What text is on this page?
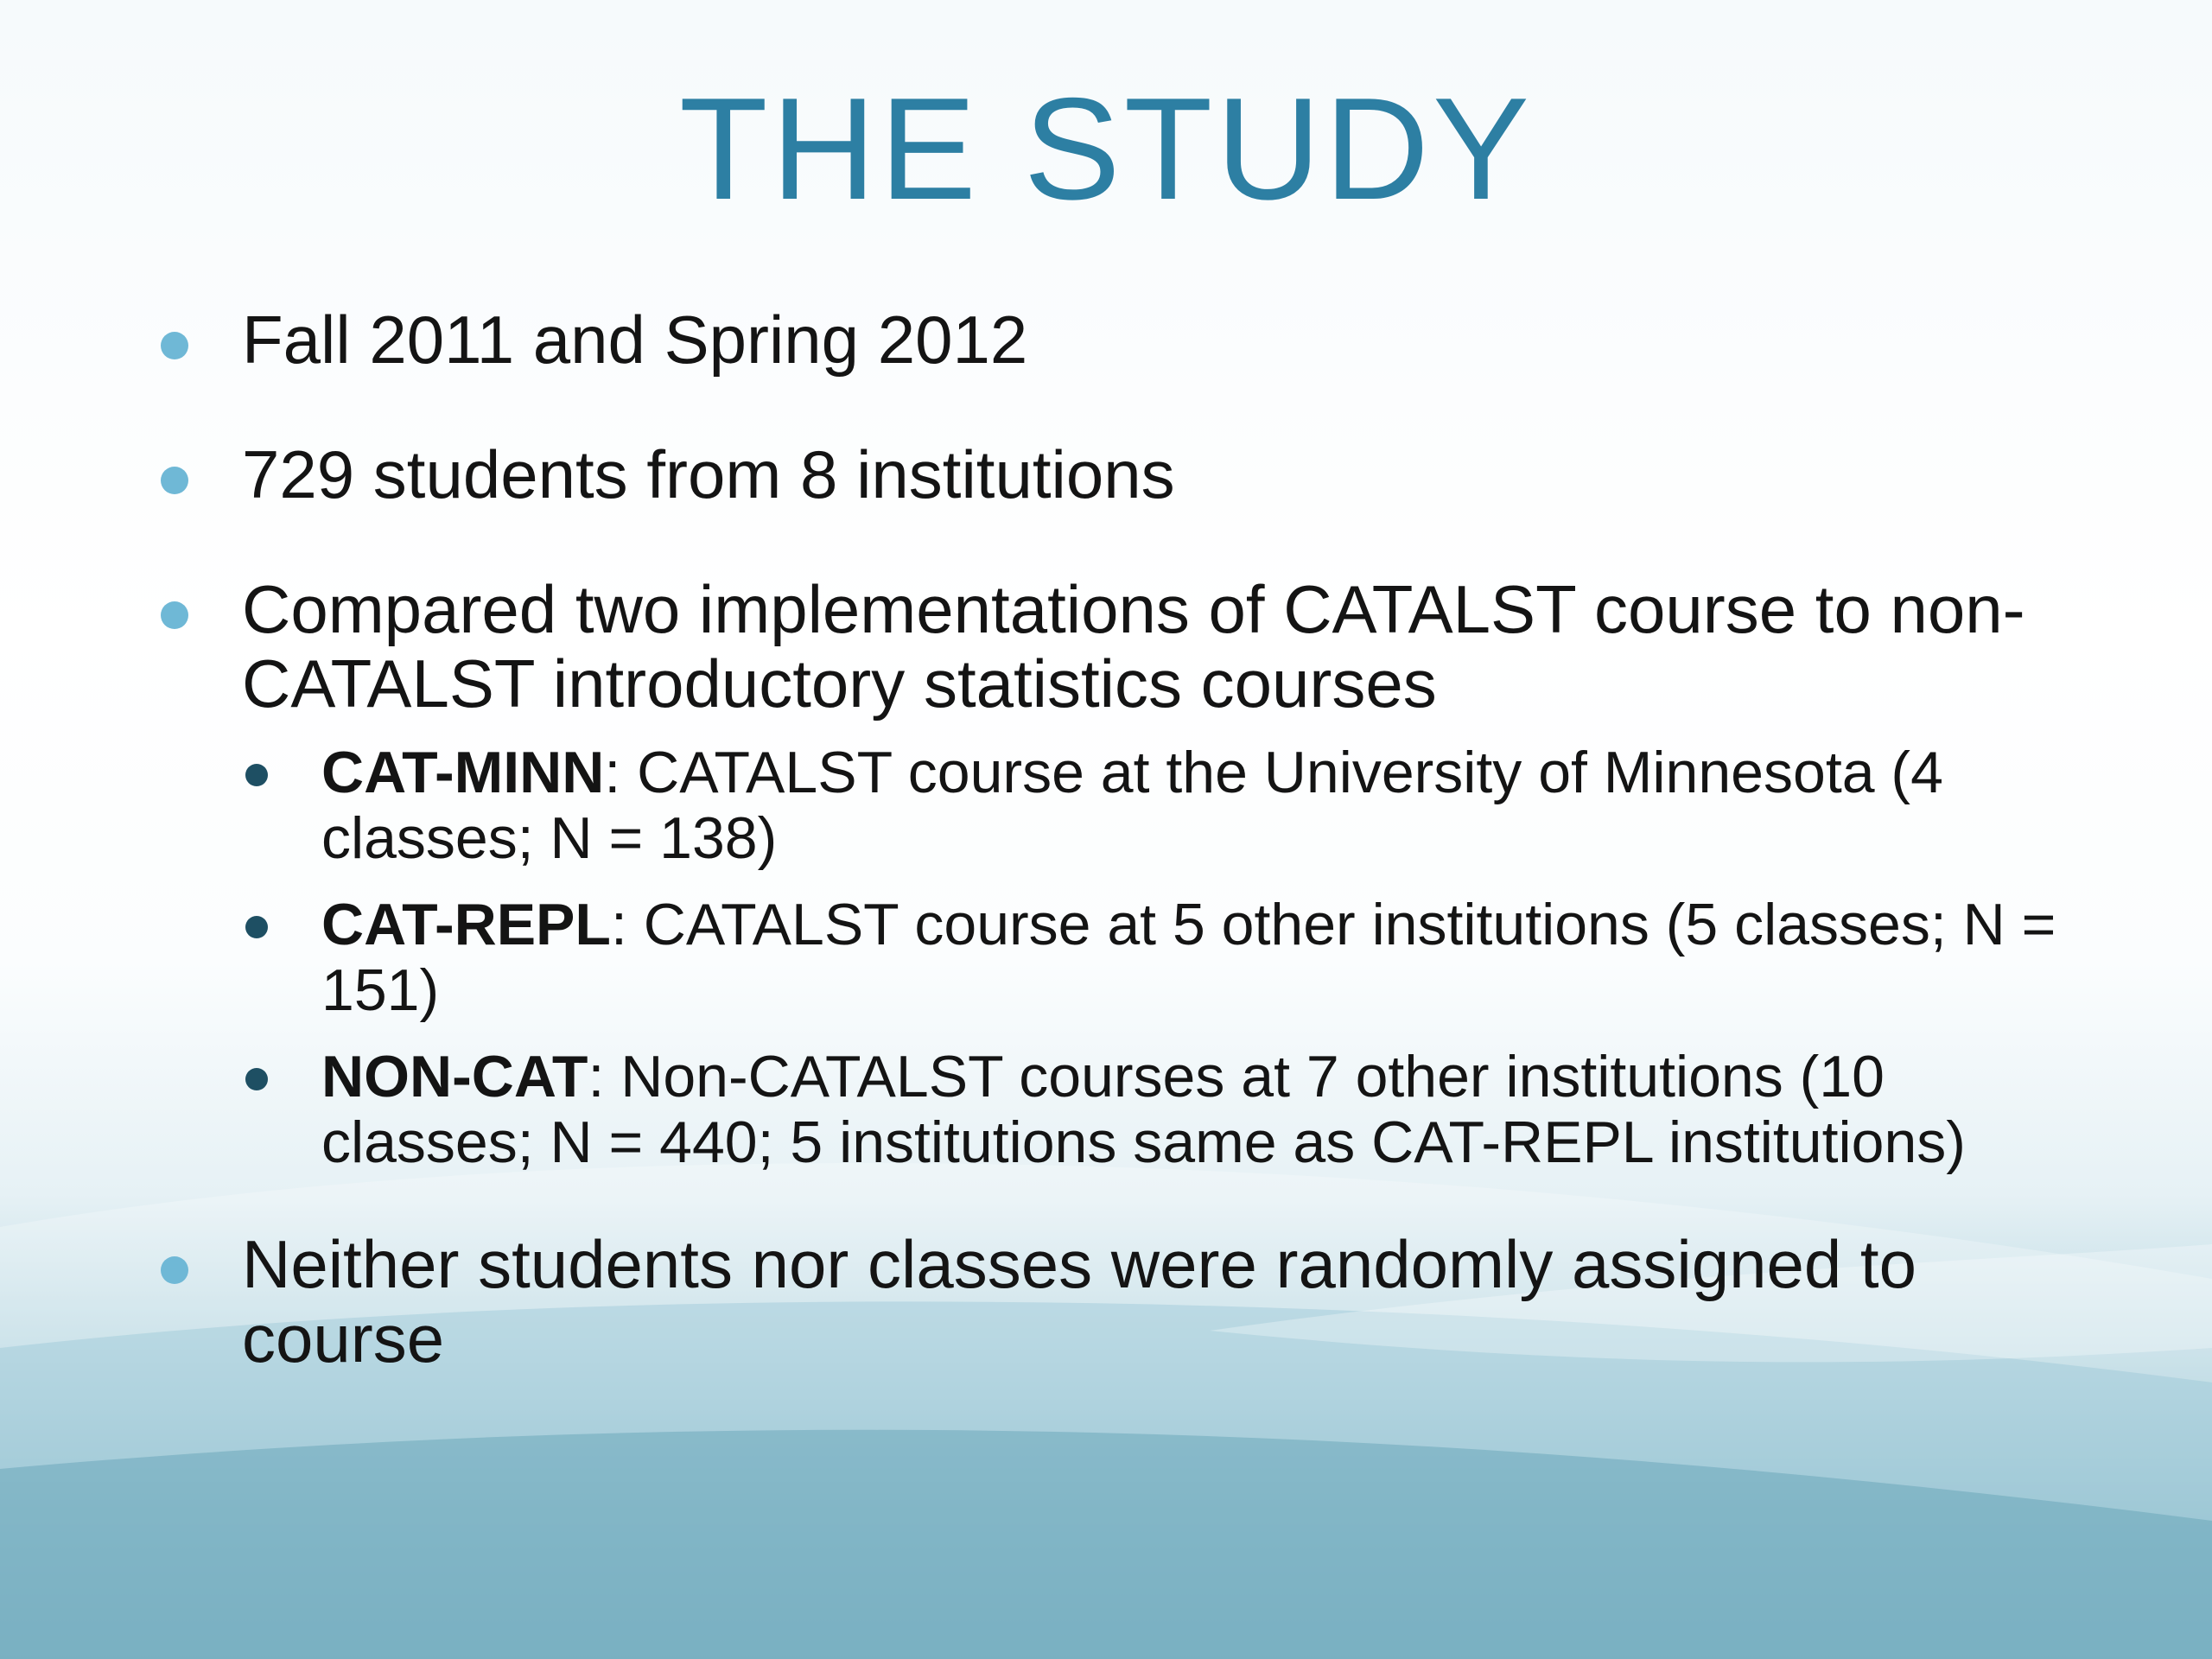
THE STUDY
Fall 2011 and Spring 2012
729 students from 8 institutions
Compared two implementations of CATALST course to non-CATALST introductory statistics courses
CAT-MINN: CATALST course at the University of Minnesota (4 classes; N = 138)
CAT-REPL: CATALST course at 5 other institutions (5 classes; N = 151)
NON-CAT: Non-CATALST courses at 7 other institutions (10 classes; N = 440; 5 institutions same as CAT-REPL institutions)
Neither students nor classes were randomly assigned to course
